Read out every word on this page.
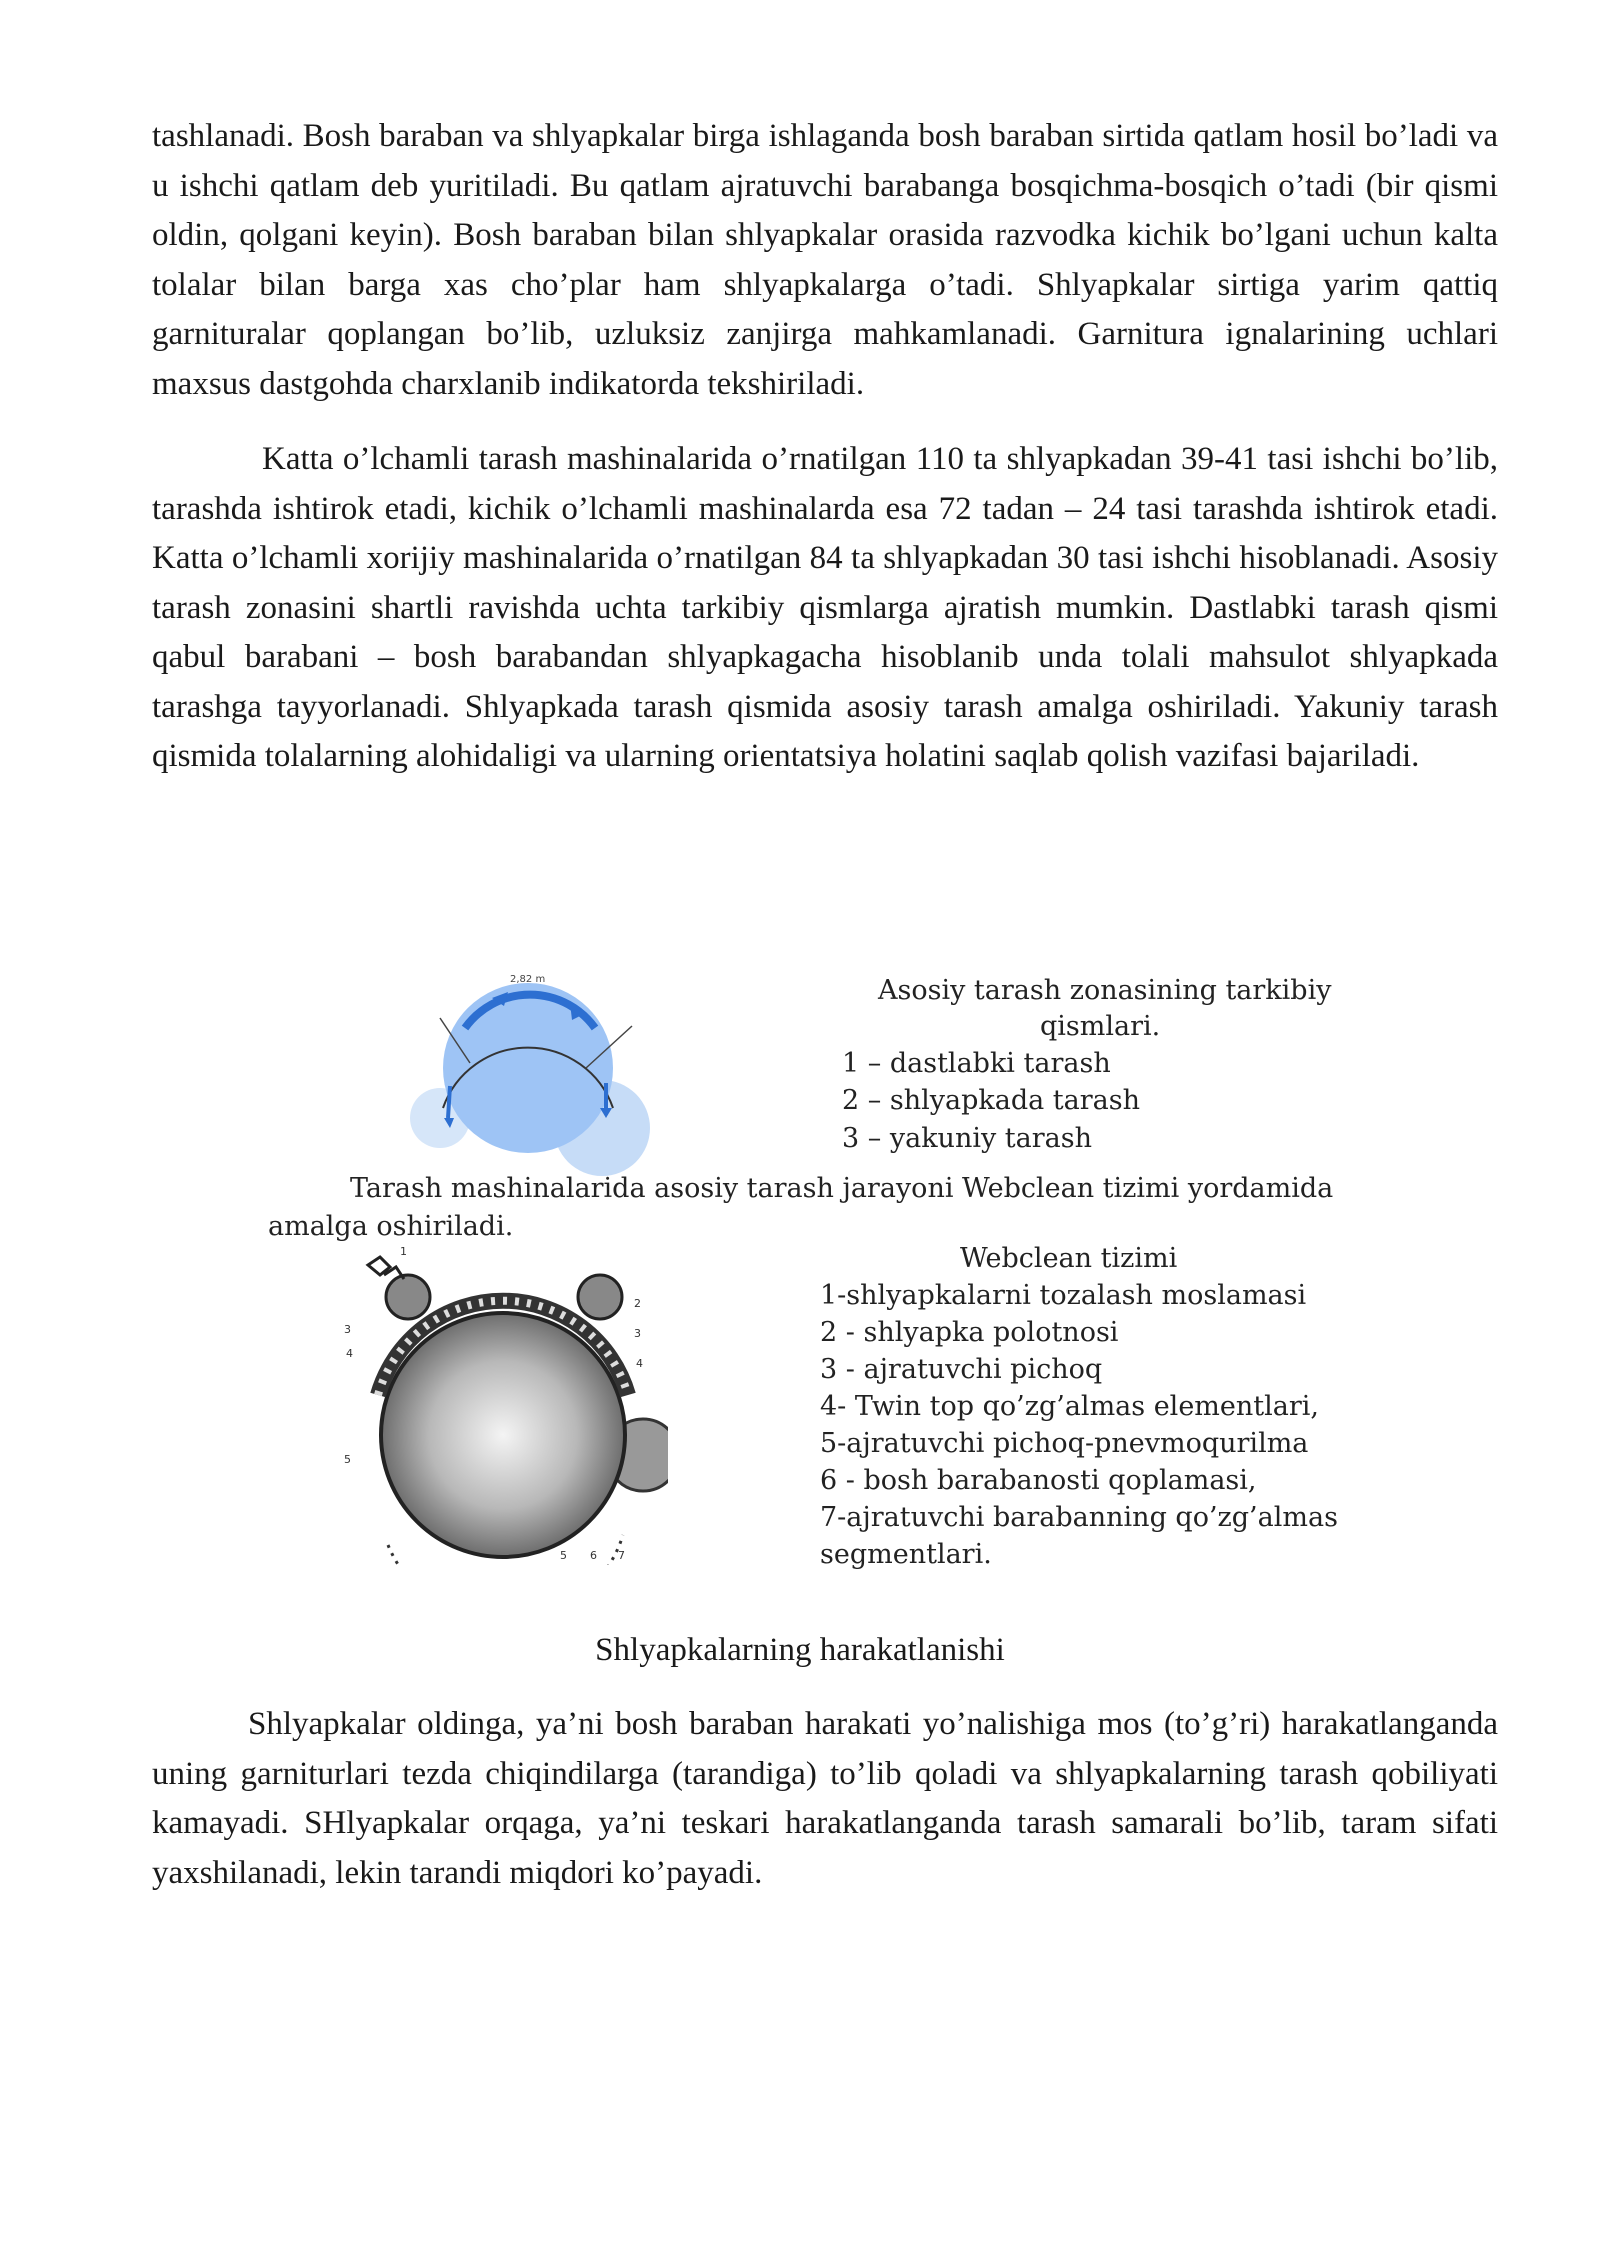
tashlanadi. Bosh baraban va shlyapkalar birga ishlaganda bosh baraban sirtida qatlam hosil bo’ladi va u ishchi qatlam deb yuritiladi. Bu qatlam ajratuvchi barabanga bosqichma-bosqich o’tadi (bir qismi oldin, qolgani keyin). Bosh baraban bilan shlyapkalar orasida razvodka kichik bo’lgani uchun kalta tolalar bilan barga xas cho’plar ham shlyapkalarga o’tadi. Shlyapkalar sirtiga yarim qattiq garnituralar qoplangan bo’lib, uzluksiz zanjirga mahkamlanadi. Garnitura ignalarining uchlari maxsus dastgohda charxlanib indikatorda tekshiriladi.

Katta o’lchamli tarash mashinalarida o’rnatilgan 110 ta shlyapkadan 39-41 tasi ishchi bo’lib, tarashda ishtirok etadi, kichik o’lchamli mashinalarda esa 72 tadan – 24 tasi tarashda ishtirok etadi. Katta o’lchamli xorijiy mashinalarida o’rnatilgan 84 ta shlyapkadan 30 tasi ishchi hisoblanadi. Asosiy tarash zonasini shartli ravishda uchta tarkibiy qismlarga ajratish mumkin. Dastlabki tarash qismi qabul barabani – bosh barabandan shlyapkagacha hisoblanib unda tolali mahsulot shlyapkada tarashga tayyorlanadi. Shlyapkada tarash qismida asosiy tarash amalga oshiriladi. Yakuniy tarash qismida tolalarning alohidaligi va ularning orientatsiya holatini saqlab qolish vazifasi bajariladi.

2,82 m	Asosiy tarash zonasining tarkibiy
qismlari.
1 – dastlabki tarash
2 – shlyapkada tarash
3 – yakuniy tarash
Tarash mashinalarida asosiy tarash jarayoni Webclean tizimi yordamida
amalga oshiriladi.
1
2
3
4
3
4
5
5 6 7
Webclean tizimi
1-shlyapkalarni tozalash moslamasi
2 - shlyapka polotnosi
3 - ajratuvchi pichoq
4- Twin top qo’zg’almas elementlari,
5-ajratuvchi pichoq-pnevmoqurilma
6 - bosh barabanosti qoplamasi,
7-ajratuvchi barabanning qo’zg’almas
segmentlari.
Shlyapkalarning harakatlanishi

Shlyapkalar oldinga, ya’ni bosh baraban harakati yo’nalishiga mos (to’g’ri) harakatlanganda uning garniturlari tezda chiqindilarga (tarandiga) to’lib qoladi va shlyapkalarning tarash qobiliyati kamayadi. SHlyapkalar orqaga, ya’ni teskari harakatlanganda tarash samarali bo’lib, taram sifati yaxshilanadi, lekin tarandi miqdori ko’payadi.
